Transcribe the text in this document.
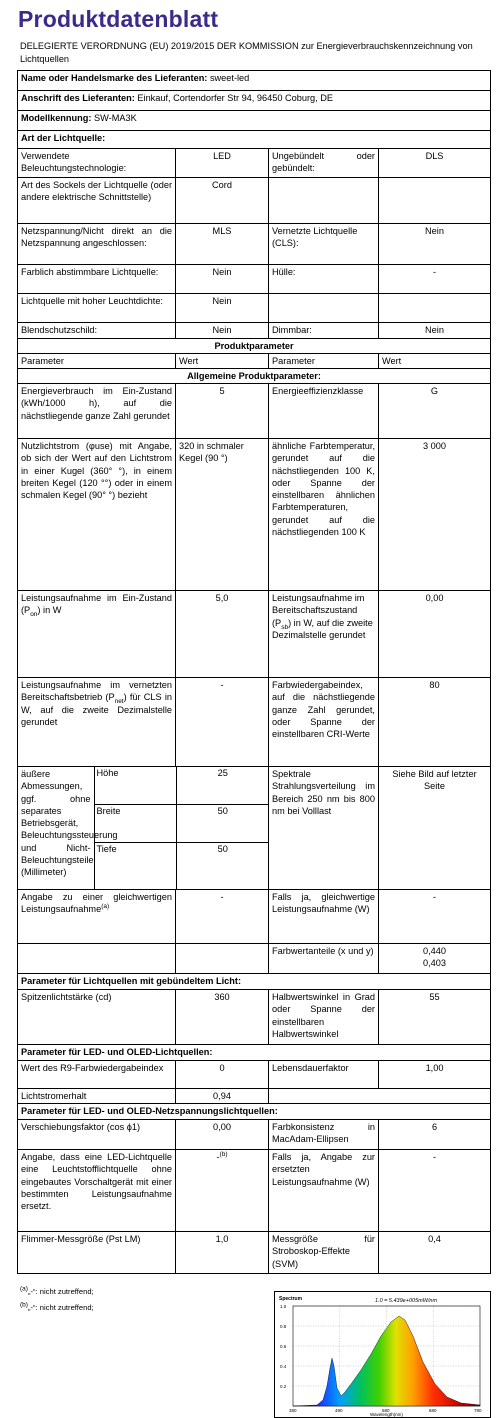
Produktdatenblatt
DELEGIERTE VERORDNUNG (EU) 2019/2015 DER KOMMISSION zur Energieverbrauchskennzeichnung von Lichtquellen
Name oder Handelsmarke des Lieferanten: sweet-led
Anschrift des Lieferanten: Einkauf, Cortendorfer Str 94, 96450 Coburg, DE
Modellkennung: SW-MA3K
Art der Lichtquelle:
Verwendete Beleuchtungstechnologie:	LED	Ungebündelt oder gebündelt:	DLS
Art des Sockels der Lichtquelle (oder andere elektrische Schnittstelle)	Cord		
Netzspannung/Nicht direkt an die Netzspannung angeschlossen:	MLS	Vernetzte Lichtquelle (CLS):	Nein
Farblich abstimmbare Lichtquelle:	Nein	Hülle:	-
Lichtquelle mit hoher Leuchtdichte:	Nein		
Blendschutzschild:	Nein	Dimmbar:	Nein
Produktparameter
Parameter	Wert	Parameter	Wert
Allgemeine Produktparameter:
Energieverbrauch im Ein-Zustand (kWh/1000 h), auf die nächstliegende ganze Zahl gerundet	5	Energieeffizienzklasse	G
Nutzlichtstrom (φuse) mit Angabe, ob sich der Wert auf den Lichtstrom in einer Kugel (360° °), in einem breiten Kegel (120 °°) oder in einem schmalen Kegel (90° °) bezieht	320 in schmaler Kegel (90 °)	ähnliche Farbtemperatur, gerundet auf die nächstliegenden 100 K, oder Spanne der einstellbaren ähnlichen Farbtemperaturen, gerundet auf die nächstliegenden 100 K	3 000
Leistungsaufnahme im Ein-Zustand $(P_{on})$ in W	5,0	Leistungsaufnahme im Bereitschaftszustand $(P_{sb})$ in W, auf die zweite Dezimalstelle gerundet	0,00
Leistungsaufnahme im vernetzten Bereitschaftsbetrieb $(P_{net})$ für CLS in W, auf die zweite Dezimalstelle gerundet	-	Farbwiedergabeindex, auf die nächstliegende ganze Zahl gerundet, oder Spanne der einstellbaren CRI-Werte	80

äußere Abmessungen, ggf. ohne separates Betriebsgerät, Beleuchtungssteuerung und Nicht-Beleuchtungsteile (Millimeter)	Höhe	25
Breite	50
Tiefe	50

	Spektrale Strahlungsverteilung im Bereich 250 nm bis 800 nm bei Volllast	Siehe Bild auf letzter Seite
Angabe zu einer gleichwertigen Leistungsaufnahme$^{(a)}$	-	Falls ja, gleichwertige Leistungsaufnahme (W)	-
		Farbwertanteile (x und y)	0,440
0,403
Parameter für Lichtquellen mit gebündeltem Licht:
Spitzenlichtstärke (cd)	360	Halbwertswinkel in Grad oder Spanne der einstellbaren Halbwertswinkel	55
Parameter für LED- und OLED-Lichtquellen:
Wert des R9-Farbwiedergabeindex	0	Lebensdauerfaktor	1,00
Lichtstromerhalt	0,94	
Parameter für LED- und OLED-Netzspannungslichtquellen:
Verschiebungsfaktor (cos ϕ1)	0,00	Farbkonsistenz in MacAdam-Ellipsen	6
Angabe, dass eine LED-Lichtquelle eine Leuchtstofflichtquelle ohne eingebautes Vorschaltgerät mit einer bestimmten Leistungsaufnahme ersetzt.	-$^{(b)}$	Falls ja, Angabe zur ersetzten Leistungsaufnahme (W)	-
Flimmer-Messgröße (Pst LM)	1,0	Messgröße für Stroboskop-Effekte (SVM)	0,4
$^{(a)}$„-“: nicht zutreffend;
$^{(b)}$„-“: nicht zutreffend;
Spectrum	1.0 = 5.439e+005mW/nm
1.0
0.8
0.6
0.4
0.2
380	480	580	680	780
Wavelength(nm)
